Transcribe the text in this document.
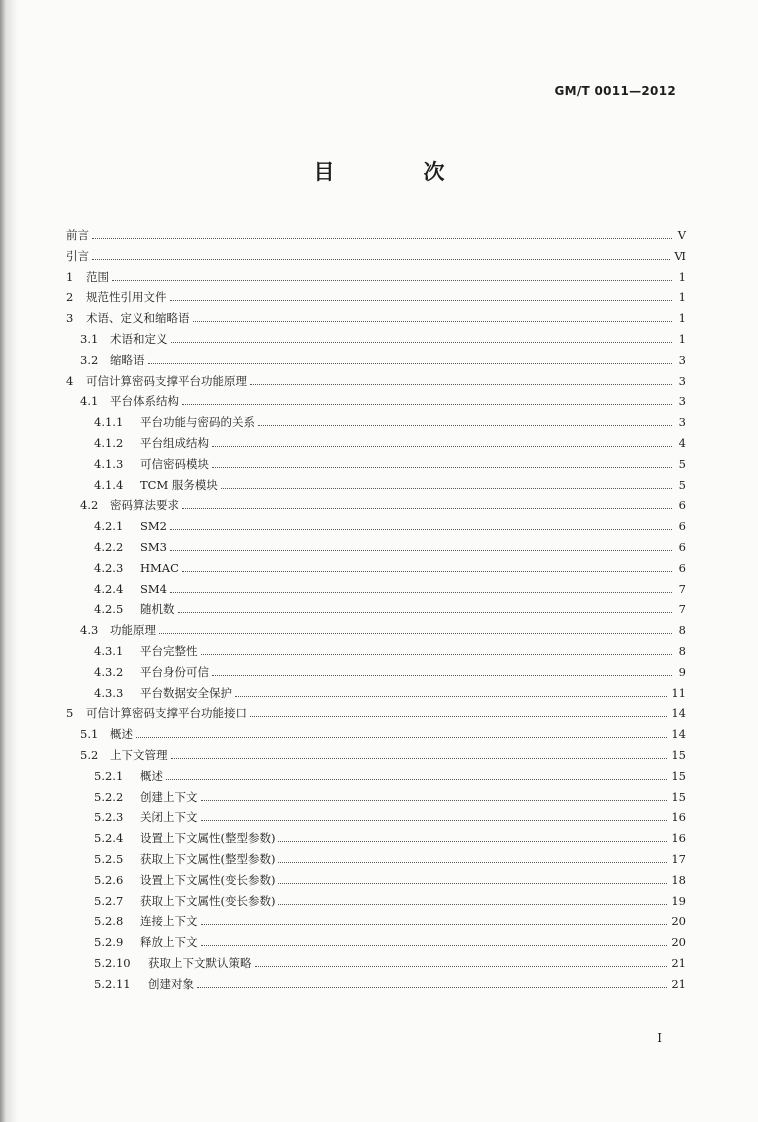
GM/T 0011—2012
目　次
前言	Ⅴ
引言	Ⅵ
1	范围	1
2	规范性引用文件	1
3	术语、定义和缩略语	1
3.1	术语和定义	1
3.2	缩略语	3
4	可信计算密码支撑平台功能原理	3
4.1	平台体系结构	3
4.1.1	平台功能与密码的关系	3
4.1.2	平台组成结构	4
4.1.3	可信密码模块	5
4.1.4	TCM 服务模块	5
4.2	密码算法要求	6
4.2.1	SM2	6
4.2.2	SM3	6
4.2.3	HMAC	6
4.2.4	SM4	7
4.2.5	随机数	7
4.3	功能原理	8
4.3.1	平台完整性	8
4.3.2	平台身份可信	9
4.3.3	平台数据安全保护	11
5	可信计算密码支撑平台功能接口	14
5.1	概述	14
5.2	上下文管理	15
5.2.1	概述	15
5.2.2	创建上下文	15
5.2.3	关闭上下文	16
5.2.4	设置上下文属性(整型参数)	16
5.2.5	获取上下文属性(整型参数)	17
5.2.6	设置上下文属性(变长参数)	18
5.2.7	获取上下文属性(变长参数)	19
5.2.8	连接上下文	20
5.2.9	释放上下文	20
5.2.10	获取上下文默认策略	21
5.2.11	创建对象	21
I
